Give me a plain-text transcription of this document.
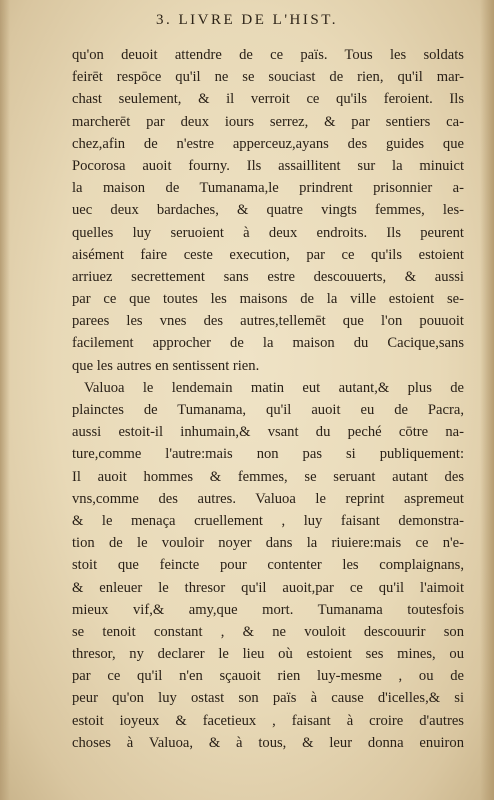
3. LIVRE DE L'HIST.
qu'on deuoit attendre de ce païs. Tous les soldats
feirēt respōce qu'il ne se souciast de rien, qu'il mar-
chast seulement, & il verroit ce qu'ils feroient. Ils
marcherēt par deux iours serrez, & par sentiers ca-
chez,afin de n'estre apperceuz,ayans des guides que
Pocorosa auoit fourny. Ils assaillitent sur la minuict
la maison de Tumanama,le prindrent prisonnier a-
uec deux bardaches, & quatre vingts femmes, les-
quelles luy seruoient à deux endroits. Ils peurent
aisément faire ceste execution, par ce qu'ils estoient
arriuez secrettement sans estre descouuerts, & aussi
par ce que toutes les maisons de la ville estoient se-
parees les vnes des autres,tellemēt que l'on pouuoit
facilement approcher de la maison du Cacique,sans
que les autres en sentissent rien.
Valuoa le lendemain matin eut autant,& plus de
plainctes de Tumanama, qu'il auoit eu de Pacra,
aussi estoit-il inhumain,& vsant du peché cōtre na-
ture,comme l'autre:mais non pas si publiquement:
Il auoit hommes & femmes, se seruant autant des
vns,comme des autres. Valuoa le reprint aspremeut
& le menaça cruellement , luy faisant demonstra-
tion de le vouloir noyer dans la riuiere:mais ce n'e-
stoit que feincte pour contenter les complaignans,
& enleuer le thresor qu'il auoit,par ce qu'il l'aimoit
mieux vif,& amy,que mort. Tumanama toutesfois
se tenoit constant , & ne vouloit descouurir son
thresor, ny declarer le lieu où estoient ses mines, ou
par ce qu'il n'en sçauoit rien luy-mesme , ou de
peur qu'on luy ostast son païs à cause d'icelles,& si
estoit ioyeux & facetieux , faisant à croire d'autres
choses à Valuoa, & à tous, & leur donna enuiron
